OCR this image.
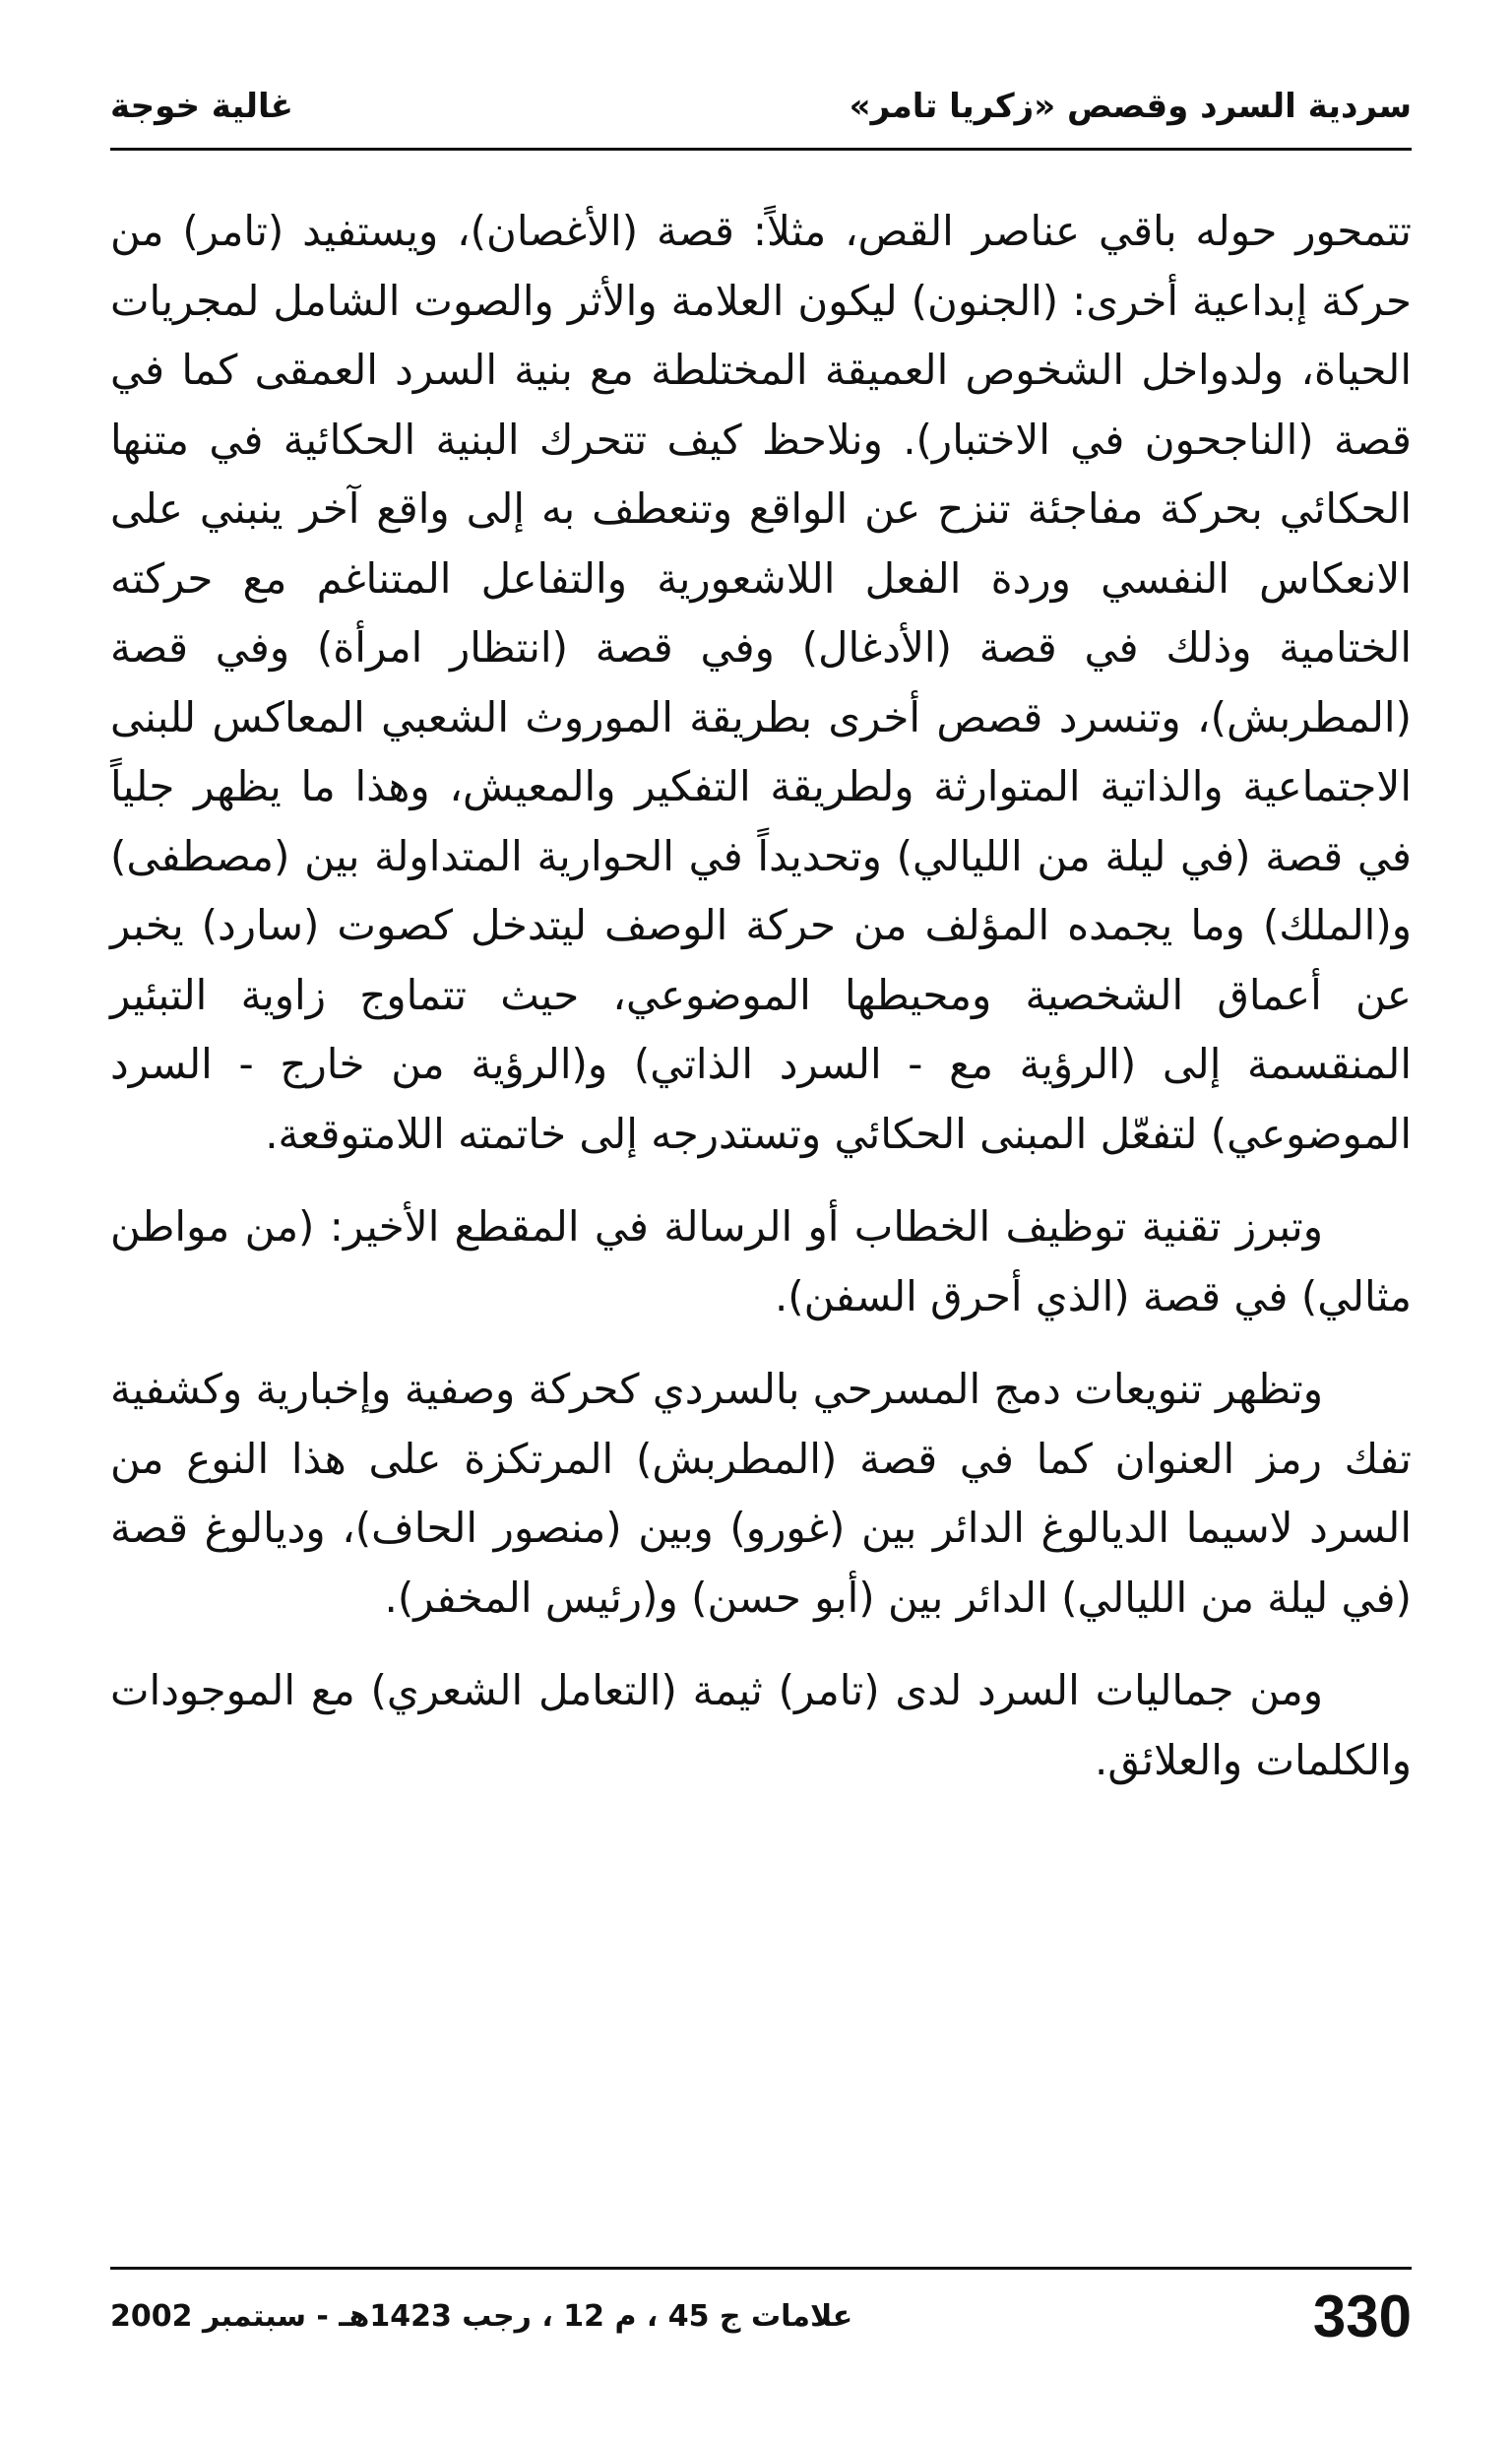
سردية السرد وقصص «زكريا تامر»
غالية خوجة

تتمحور حوله باقي عناصر القص، مثلاً: قصة (الأغصان)، ويستفيد (تامر) من حركة إبداعية أخرى: (الجنون) ليكون العلامة والأثر والصوت الشامل لمجريات الحياة، ولدواخل الشخوص العميقة المختلطة مع بنية السرد العمقى كما في قصة (الناجحون في الاختبار). ونلاحظ كيف تتحرك البنية الحكائية في متنها الحكائي بحركة مفاجئة تنزح عن الواقع وتنعطف به إلى واقع آخر ينبني على الانعكاس النفسي وردة الفعل اللاشعورية والتفاعل المتناغم مع حركته الختامية وذلك في قصة (الأدغال) وفي قصة (انتظار امرأة) وفي قصة (المطربش)، وتنسرد قصص أخرى بطريقة الموروث الشعبي المعاكس للبنى الاجتماعية والذاتية المتوارثة ولطريقة التفكير والمعيش، وهذا ما يظهر جلياً في قصة (في ليلة من الليالي) وتحديداً في الحوارية المتداولة بين (مصطفى) و(الملك) وما يجمده المؤلف من حركة الوصف ليتدخل كصوت (سارد) يخبر عن أعماق الشخصية ومحيطها الموضوعي، حيث تتماوج زاوية التبئير المنقسمة إلى (الرؤية مع - السرد الذاتي) و(الرؤية من خارج - السرد الموضوعي) لتفعّل المبنى الحكائي وتستدرجه إلى خاتمته اللامتوقعة.

وتبرز تقنية توظيف الخطاب أو الرسالة في المقطع الأخير: (من مواطن مثالي) في قصة (الذي أحرق السفن).

وتظهر تنويعات دمج المسرحي بالسردي كحركة وصفية وإخبارية وكشفية تفك رمز العنوان كما في قصة (المطربش) المرتكزة على هذا النوع من السرد لاسيما الديالوغ الدائر بين (غورو) وبين (منصور الحاف)، وديالوغ قصة (في ليلة من الليالي) الدائر بين (أبو حسن) و(رئيس المخفر).

ومن جماليات السرد لدى (تامر) ثيمة (التعامل الشعري) مع الموجودات والكلمات والعلائق.

330
علامات ج 45 ، م 12 ، رجب 1423هـ - سبتمبر 2002
